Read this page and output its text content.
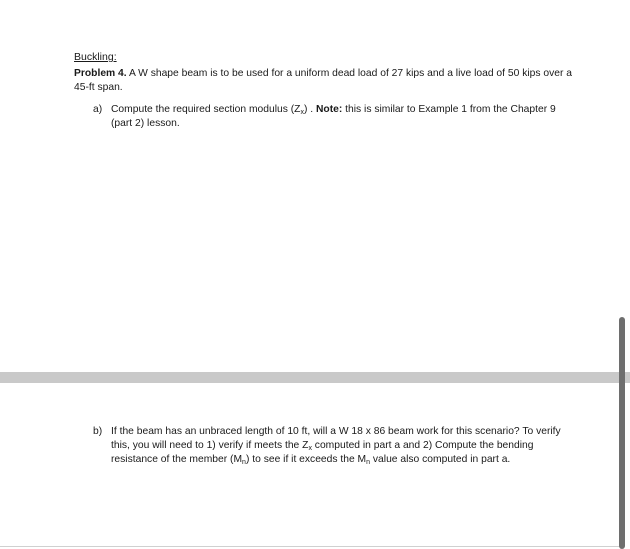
Buckling:
Problem 4. A W shape beam is to be used for a uniform dead load of 27 kips and a live load of 50 kips over a 45-ft span.
a) Compute the required section modulus $(Z_x)$ . Note: this is similar to Example 1 from the Chapter 9 (part 2) lesson.
b) If the beam has an unbraced length of 10 ft, will a W 18 x 86 beam work for this scenario? To verify this, you will need to 1) verify if meets the $Z_x$ computed in part a and 2) Compute the bending resistance of the member $(M_n)$ to see if it exceeds the $M_n$ value also computed in part a.
